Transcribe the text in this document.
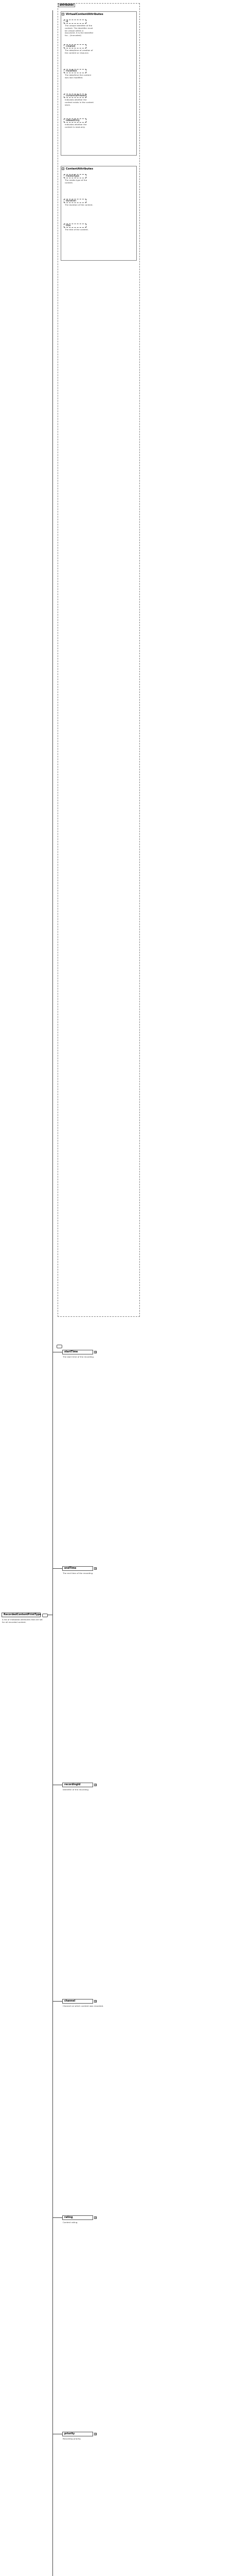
RecordedContentPrintType
A list of metadata attributes that are set for all recorded content.
···
attributes
VirtualContentAttributes
−
id
The unique identifier of the content. The identifier must be unique within a document. It is the identifier for... (truncated)
created
The date/time of creation of the content or resource.
modified
The date/time the content was last modified.
contentIsPresent
Indicates whether the content exists in the content store.
isReadOnly
Indicates whether the content is read-only.
ContentAttributes
−
mediaType
The media type of the content.
duration
The duration of the content.
title
The title of the content.
···
startTime	+
The start time of the recording.
endTime	+
The end time of the recording.
recordingId	+
Identifier of the recording.
channel	+
Channel on which content was recorded.
rating	+
Content rating.
priority	+
Recording priority.
